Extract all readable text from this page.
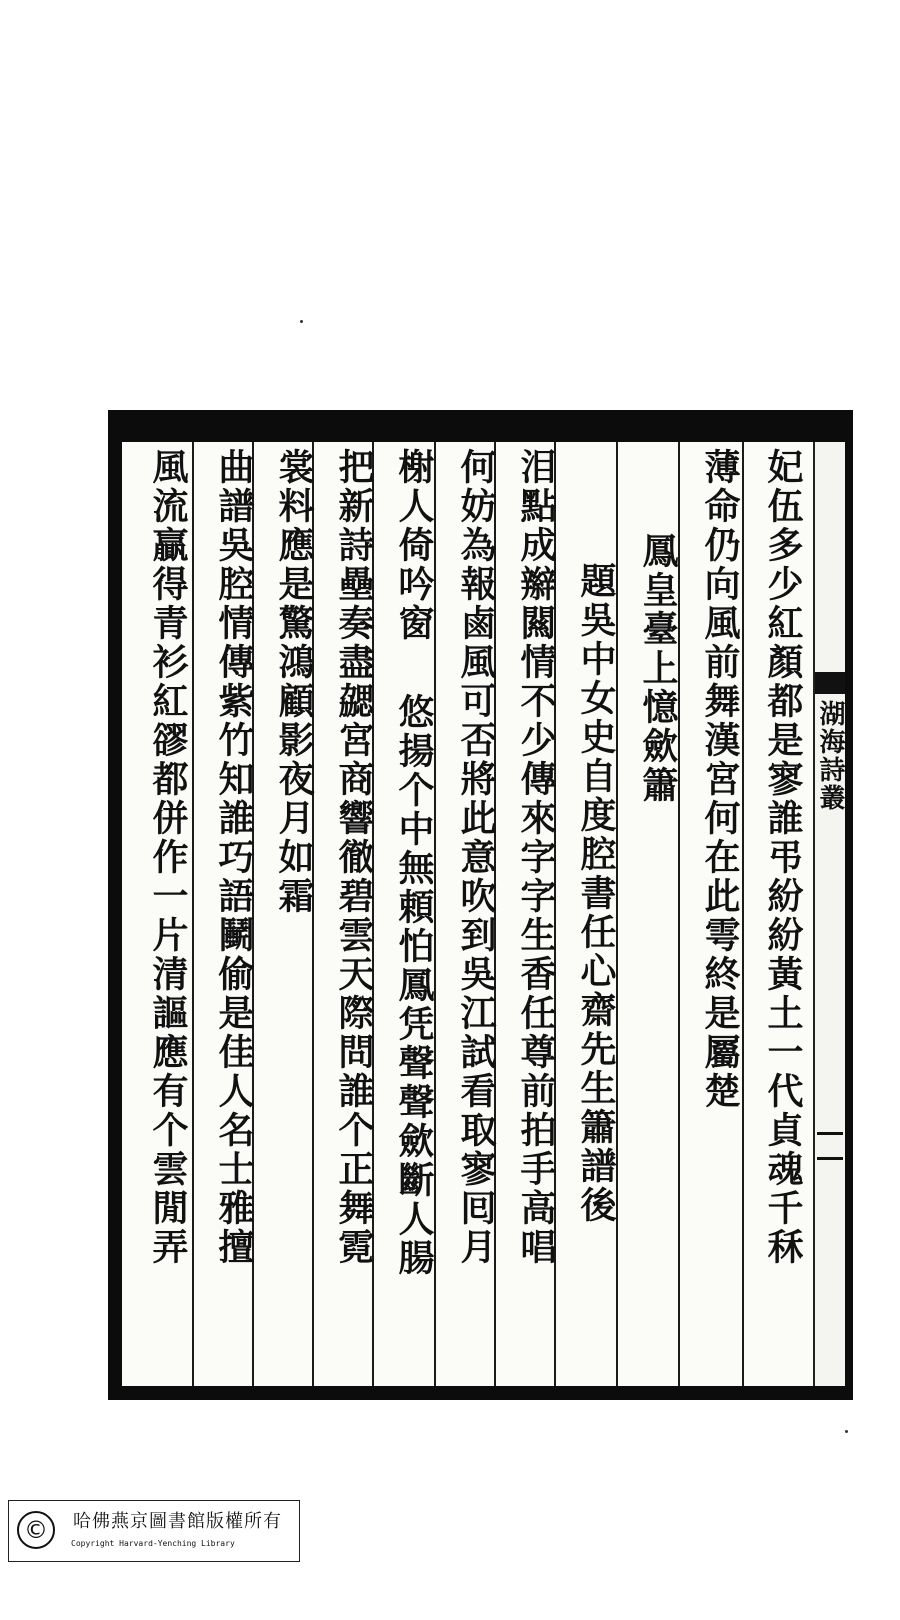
妃伍多少紅顏都是寥誰弔紛紛黃土一代貞魂千秝
薄命仍向風前舞漢宮何在此雩終是屬楚
鳳皇臺上憶歛簫
題吳中女史自度腔書任心齋先生簫譜後
泪點成辮闗情不少傳來字字生香任尊前拍手高唱
何妨為報鹵風可否將此意吹到吳江試看取寥囘月
榭人倚吟窗悠揚个中無頼怕鳳凭聲聲歛斷人腸
把新詩壘奏盡勰宮商響徹碧雲天際問誰个正舞霓
裳料應是驚鴻顧影夜月如霜
曲譜吳腔情傳紫竹知誰巧語鬭偷是佳人名士雅擅
風流贏得青衫紅豂都併作一片清謳應有个雲閒弄	湖海詩叢
©	哈佛燕京圖書館版權所有
Copyright Harvard-Yenching Library
